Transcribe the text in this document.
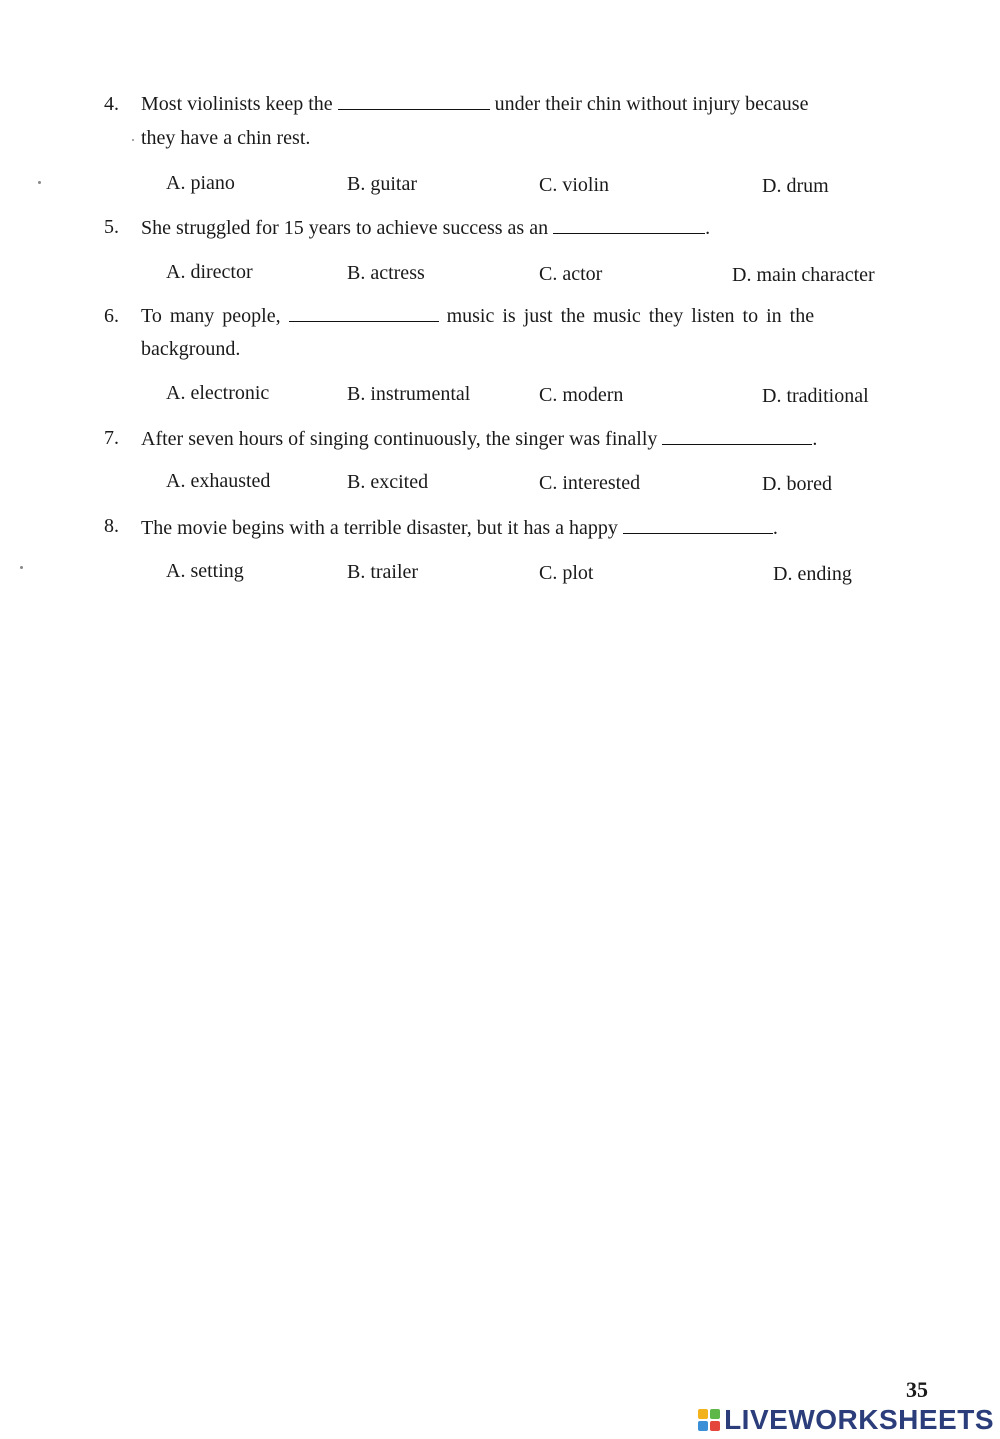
4. Most violinists keep the	under their chin without injury because
they have a chin rest.
A. piano	B. guitar	C. violin	D. drum
5. She struggled for 15 years to achieve success as an	.
A. director	B. actress	C. actor	D. main character
6. To many people,	music is just the music they listen to in the
background.
A. electronic	B. instrumental	C. modern	D. traditional
7. After seven hours of singing continuously, the singer was finally	.
A. exhausted	B. excited	C. interested	D. bored
8. The movie begins with a terrible disaster, but it has a happy	.
A. setting	B. trailer	C. plot	D. ending
35
LIVEWORKSHEETS
